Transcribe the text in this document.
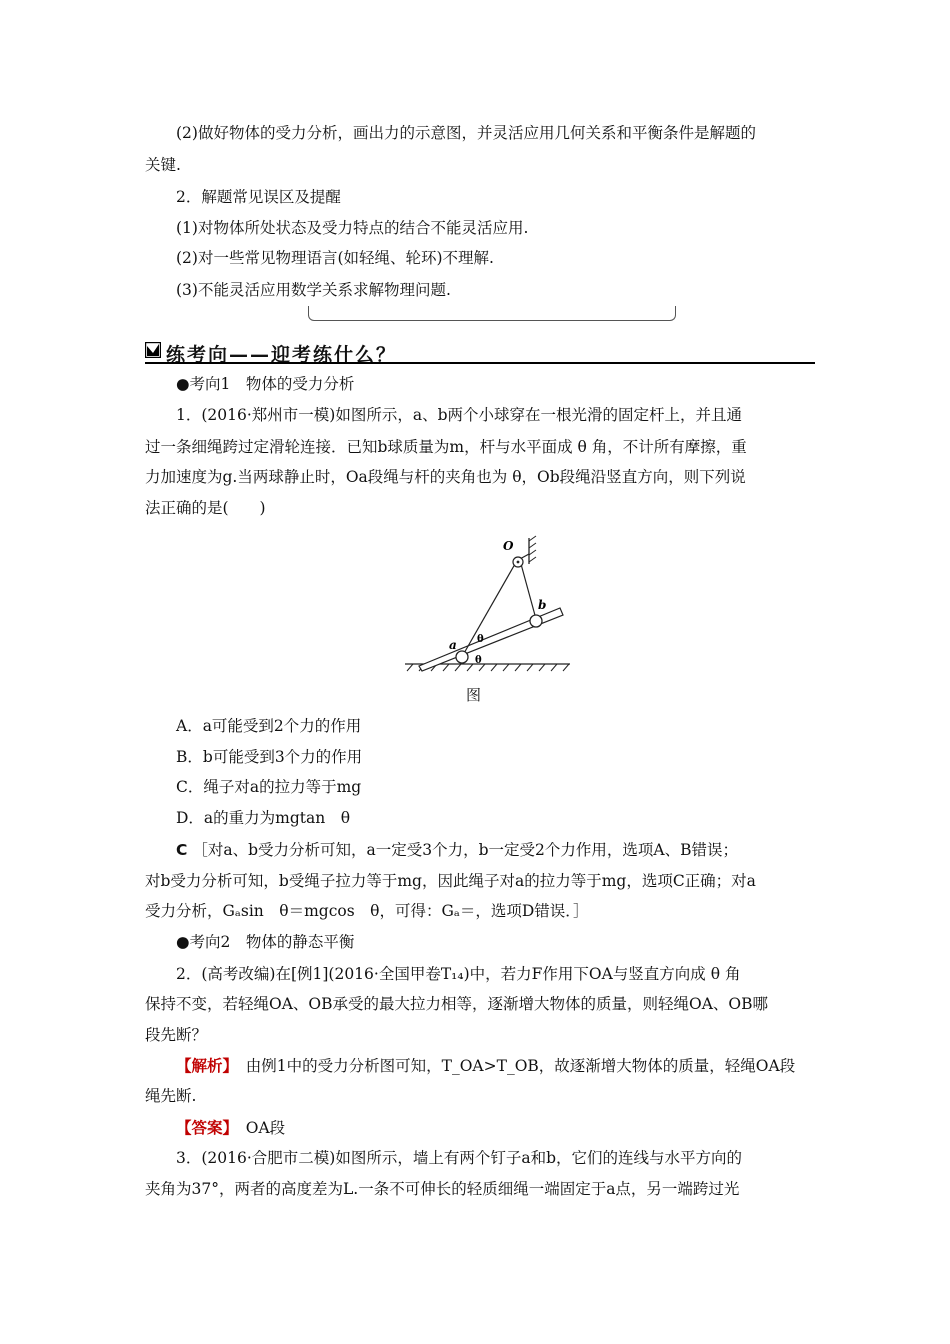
(2)做好物体的受力分析，画出力的示意图，并灵活应用几何关系和平衡条件是解题的
关键.
2．解题常见误区及提醒
(1)对物体所处状态及受力特点的结合不能灵活应用.
(2)对一些常见物理语言(如轻绳、轮环)不理解.
(3)不能灵活应用数学关系求解物理问题.
练考向——迎考练什么？
●考向1　物体的受力分析
1．(2016·郑州市一模)如图所示，a、b两个小球穿在一根光滑的固定杆上，并且通
过一条细绳跨过定滑轮连接．已知b球质量为m，杆与水平面成 θ 角，不计所有摩擦，重
力加速度为g.当两球静止时，Oa段绳与杆的夹角也为 θ，Ob段绳沿竖直方向，则下列说
法正确的是(　　)
O
b
a θ
θ
图
A．a可能受到2个力的作用
B．b可能受到3个力的作用
C．绳子对a的拉力等于mg
D．a的重力为mgtan　θ
C ［对a、b受力分析可知，a一定受3个力，b一定受2个力作用，选项A、B错误；
对b受力分析可知，b受绳子拉力等于mg，因此绳子对a的拉力等于mg，选项C正确；对a
受力分析，Gₐsin　θ＝mgcos　θ，可得：Gₐ＝，选项D错误．］
●考向2　物体的静态平衡
2．(高考改编)在[例1](2016·全国甲卷T₁₄)中，若力F作用下OA与竖直方向成 θ 角
保持不变，若轻绳OA、OB承受的最大拉力相等，逐渐增大物体的质量，则轻绳OA、OB哪
段先断？
【解析】　由例1中的受力分析图可知，T_OA>T_OB，故逐渐增大物体的质量，轻绳OA段
绳先断.
【答案】　OA段
3．(2016·合肥市二模)如图所示，墙上有两个钉子a和b，它们的连线与水平方向的
夹角为37°，两者的高度差为L.一条不可伸长的轻质细绳一端固定于a点，另一端跨过光
